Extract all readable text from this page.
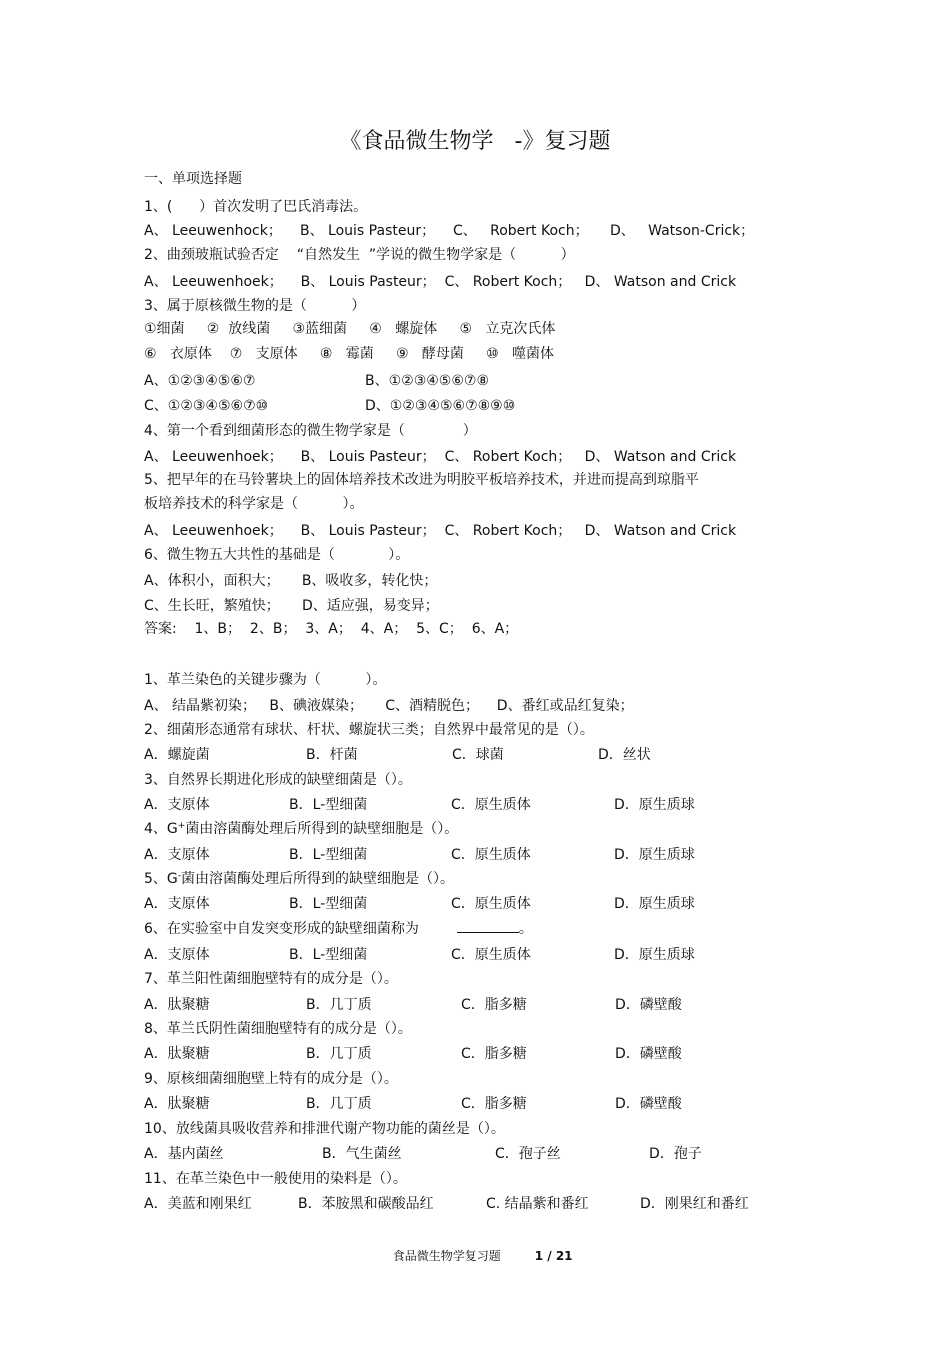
《食品微生物学   -》复习题
一、单项选择题
1、(      ）首次发明了巴氏消毒法。
A、 Leeuwenhock； B、 Louis Pasteur； C、   Robert Koch； D、   Watson-Crick；
2、曲颈玻瓶试验否定    “自然发生  ”学说的微生物学家是（          ）
A、 Leeuwenhoek；    B、 Louis Pasteur；  C、 Robert Koch；   D、 Watson and Crick
3、属于原核微生物的是（          ）
①细菌     ②  放线菌     ③蓝细菌     ④   螺旋体     ⑤   立克次氏体
⑥   衣原体    ⑦   支原体     ⑧   霉菌     ⑨   酵母菌     ⑩   噬菌体
A、①②③④⑤⑥⑦	B、①②③④⑤⑥⑦⑧
C、①②③④⑤⑥⑦⑩	D、①②③④⑤⑥⑦⑧⑨⑩
4、第一个看到细菌形态的微生物学家是（             ）
A、 Leeuwenhoek；    B、 Louis Pasteur；  C、 Robert Koch；   D、 Watson and Crick
5、把早年的在马铃薯块上的固体培养技术改进为明胶平板培养技术，并进而提高到琼脂平
板培养技术的科学家是（          ）。
A、 Leeuwenhoek；    B、 Louis Pasteur；  C、 Robert Koch；   D、 Watson and Crick
6、微生物五大共性的基础是（            ）。
A、体积小，面积大；     B、吸收多，转化快；
C、生长旺，繁殖快；     D、适应强，易变异；
答案:    1、B；  2、B；  3、A；  4、A；  5、C；  6、A；
1、革兰染色的关键步骤为（          ）。
A、 结晶紫初染；   B、碘液媒染；     C、酒精脱色；    D、番红或品红复染；
2、细菌形态通常有球状、杆状、螺旋状三类；自然界中最常见的是（）。
A．螺旋菌	B．杆菌	C．球菌	D．丝状
3、自然界长期进化形成的缺壁细菌是（）。
A．支原体	B．L-型细菌	C．原生质体	D．原生质球
4、G+菌由溶菌酶处理后所得到的缺壁细胞是（）。
A．支原体	B．L-型细菌	C．原生质体	D．原生质球
5、G-菌由溶菌酶处理后所得到的缺壁细胞是（）。
A．支原体	B．L-型细菌	C．原生质体	D．原生质球
6、在实验室中自发突变形成的缺壁细菌称为	。
A．支原体	B．L-型细菌	C．原生质体	D．原生质球
7、革兰阳性菌细胞壁特有的成分是（）。
A．肽聚糖	B．几丁质	C．脂多糖	D．磷壁酸
8、革兰氏阴性菌细胞壁特有的成分是（）。
A．肽聚糖	B．几丁质	C．脂多糖	D．磷壁酸
9、原核细菌细胞壁上特有的成分是（）。
A．肽聚糖	B．几丁质	C．脂多糖	D．磷壁酸
10、放线菌具吸收营养和排泄代谢产物功能的菌丝是（）。
A．基内菌丝	B．气生菌丝	C．孢子丝	D．孢子
11、在革兰染色中一般使用的染料是（）。
A．美蓝和刚果红	B．苯胺黑和碳酸品红	C. 结晶紫和番红	D．刚果红和番红

食品微生物学复习题	1 / 21
